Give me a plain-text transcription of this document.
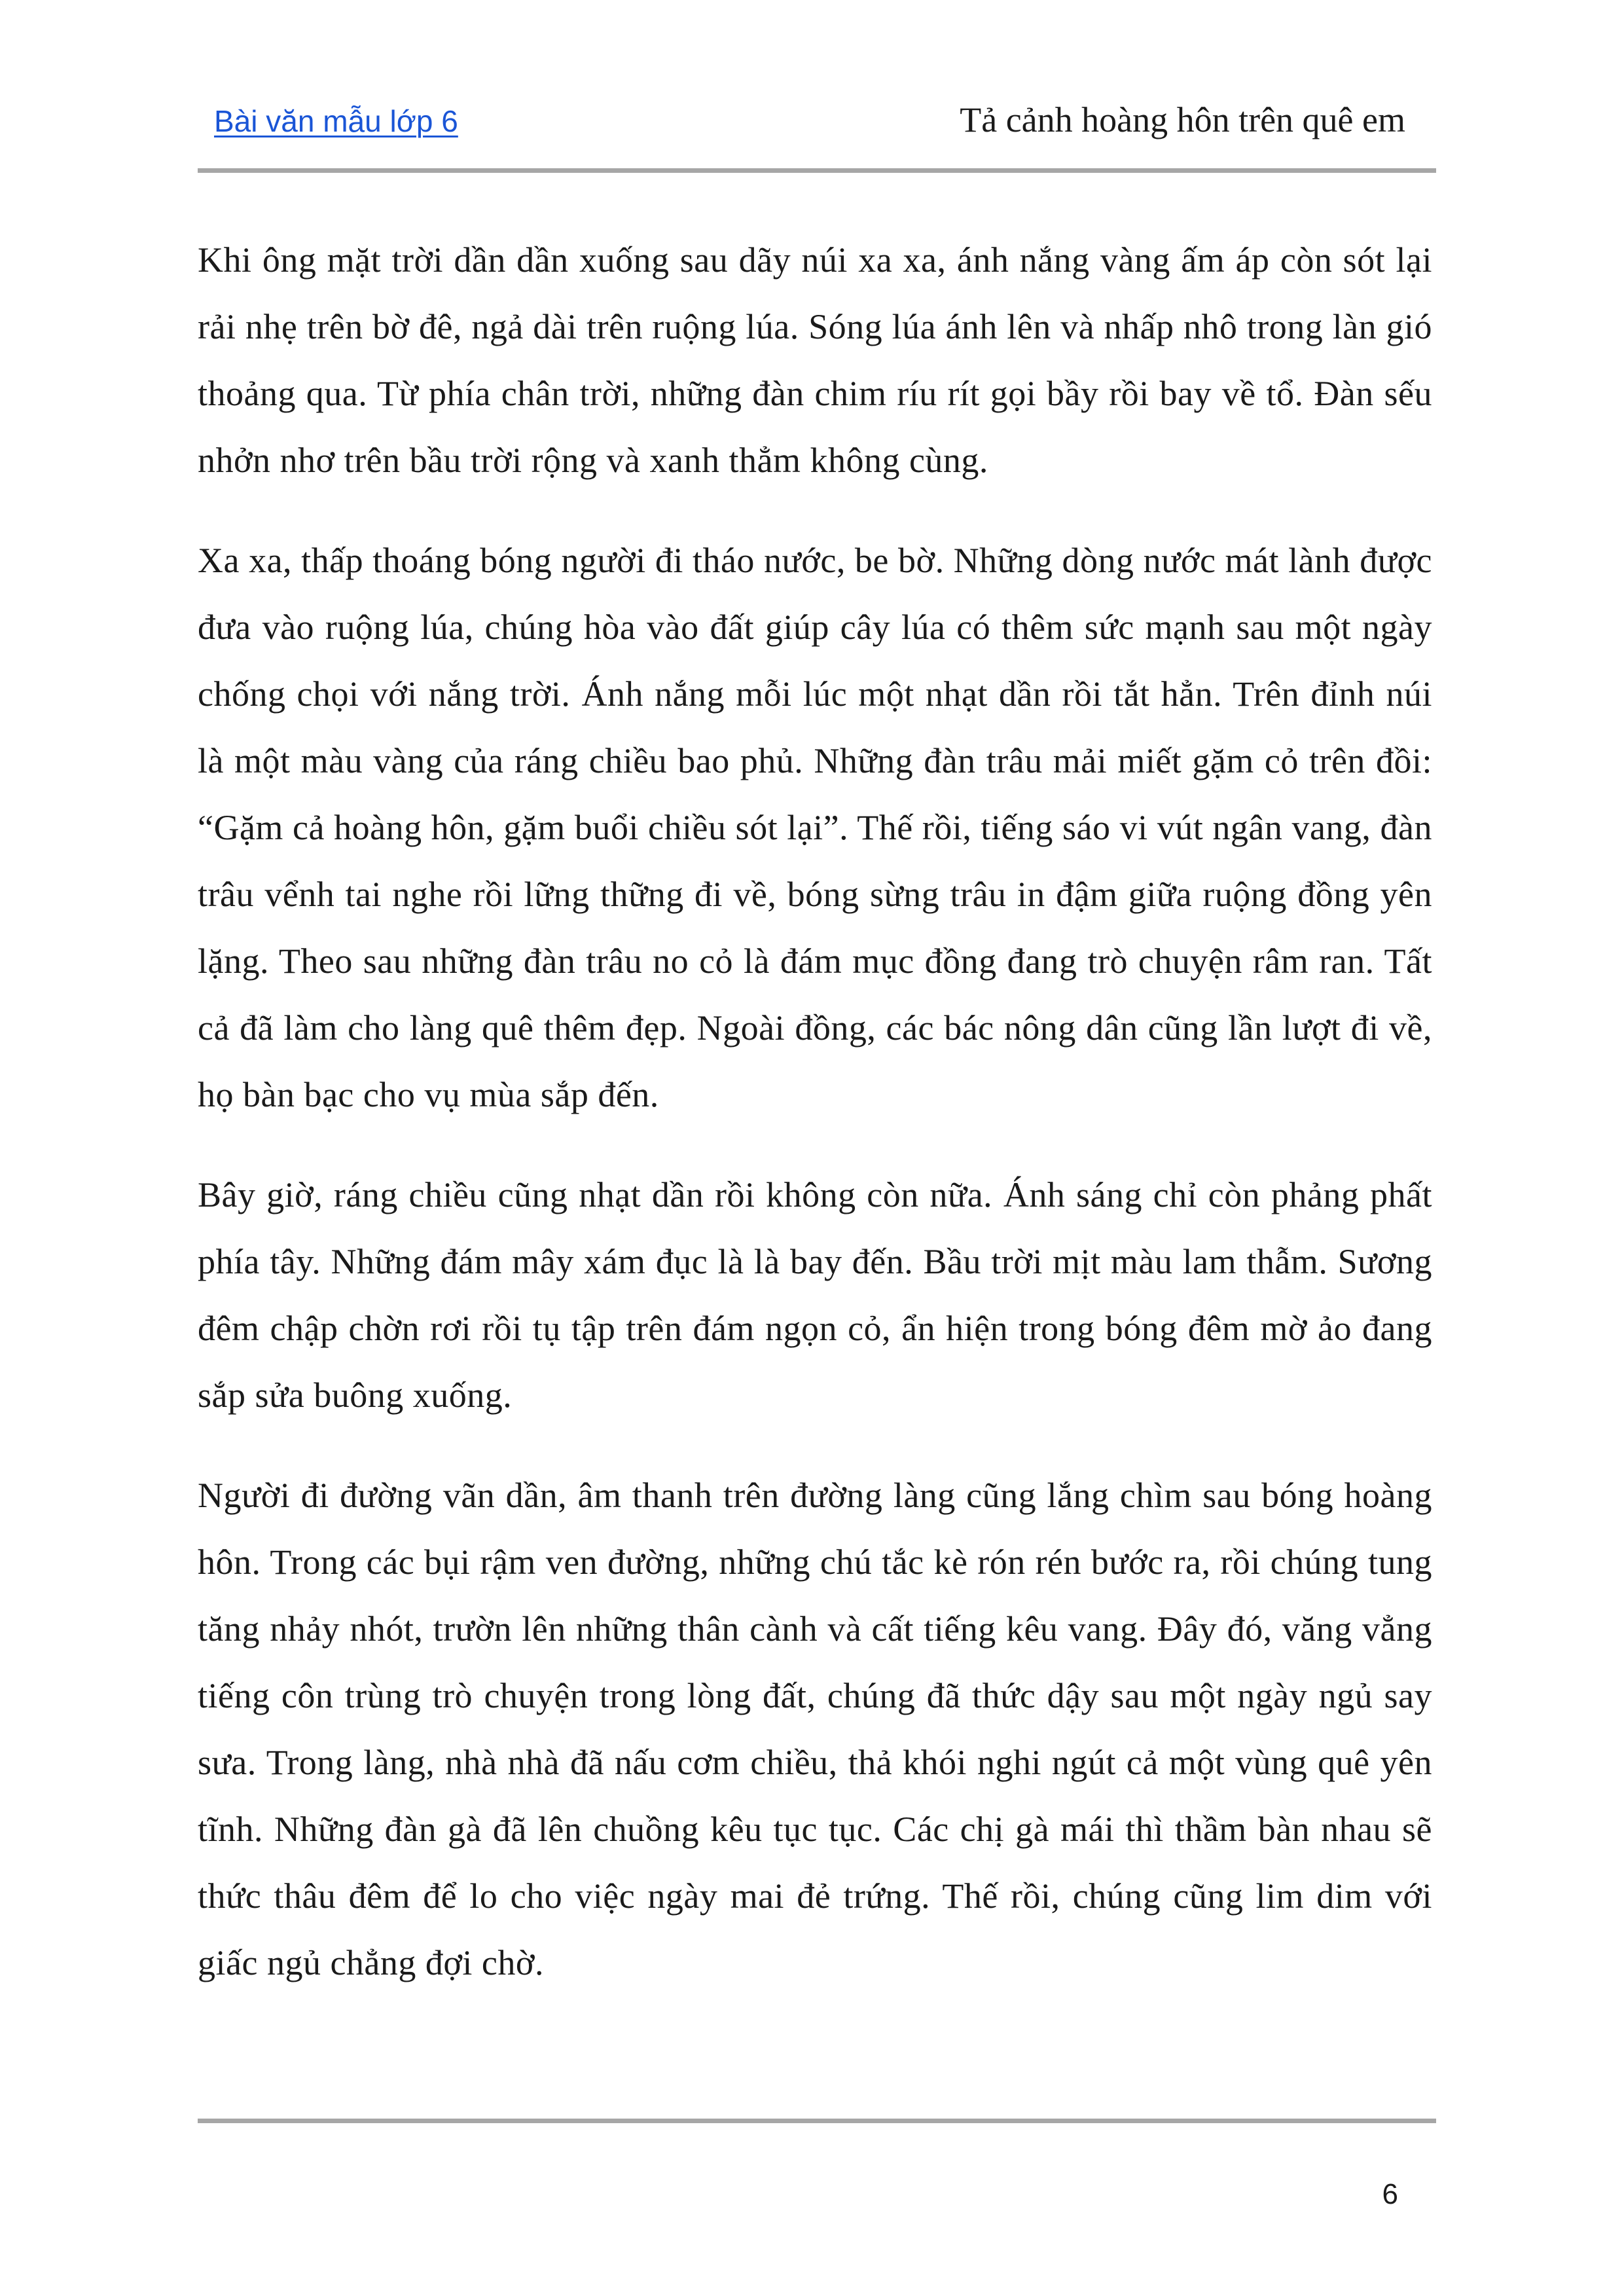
Bài văn mẫu lớp 6	Tả cảnh hoàng hôn trên quê em

Khi ông mặt trời dần dần xuống sau dãy núi xa xa, ánh nắng vàng ấm áp còn sót lại rải nhẹ trên bờ đê, ngả dài trên ruộng lúa. Sóng lúa ánh lên và nhấp nhô trong làn gió thoảng qua. Từ phía chân trời, những đàn chim ríu rít gọi bầy rồi bay về tổ. Đàn sếu nhởn nhơ trên bầu trời rộng và xanh thẳm không cùng.

Xa xa, thấp thoáng bóng người đi tháo nước, be bờ. Những dòng nước mát lành được đưa vào ruộng lúa, chúng hòa vào đất giúp cây lúa có thêm sức mạnh sau một ngày chống chọi với nắng trời. Ánh nắng mỗi lúc một nhạt dần rồi tắt hẳn. Trên đỉnh núi là một màu vàng của ráng chiều bao phủ. Những đàn trâu mải miết gặm cỏ trên đồi: “Gặm cả hoàng hôn, gặm buổi chiều sót lại”. Thế rồi, tiếng sáo vi vút ngân vang, đàn trâu vểnh tai nghe rồi lững thững đi về, bóng sừng trâu in đậm giữa ruộng đồng yên lặng. Theo sau những đàn trâu no cỏ là đám mục đồng đang trò chuyện râm ran. Tất cả đã làm cho làng quê thêm đẹp. Ngoài đồng, các bác nông dân cũng lần lượt đi về, họ bàn bạc cho vụ mùa sắp đến.

Bây giờ, ráng chiều cũng nhạt dần rồi không còn nữa. Ánh sáng chỉ còn phảng phất phía tây. Những đám mây xám đục là là bay đến. Bầu trời mịt màu lam thẫm. Sương đêm chập chờn rơi rồi tụ tập trên đám ngọn cỏ, ẩn hiện trong bóng đêm mờ ảo đang sắp sửa buông xuống.

Người đi đường vãn dần, âm thanh trên đường làng cũng lắng chìm sau bóng hoàng hôn. Trong các bụi rậm ven đường, những chú tắc kè rón rén bước ra, rồi chúng tung tăng nhảy nhót, trườn lên những thân cành và cất tiếng kêu vang. Đây đó, văng vẳng tiếng côn trùng trò chuyện trong lòng đất, chúng đã thức dậy sau một ngày ngủ say sưa. Trong làng, nhà nhà đã nấu cơm chiều, thả khói nghi ngút cả một vùng quê yên tĩnh. Những đàn gà đã lên chuồng kêu tục tục. Các chị gà mái thì thầm bàn nhau sẽ thức thâu đêm để lo cho việc ngày mai đẻ trứng. Thế rồi, chúng cũng lim dim với giấc ngủ chẳng đợi chờ.

6
